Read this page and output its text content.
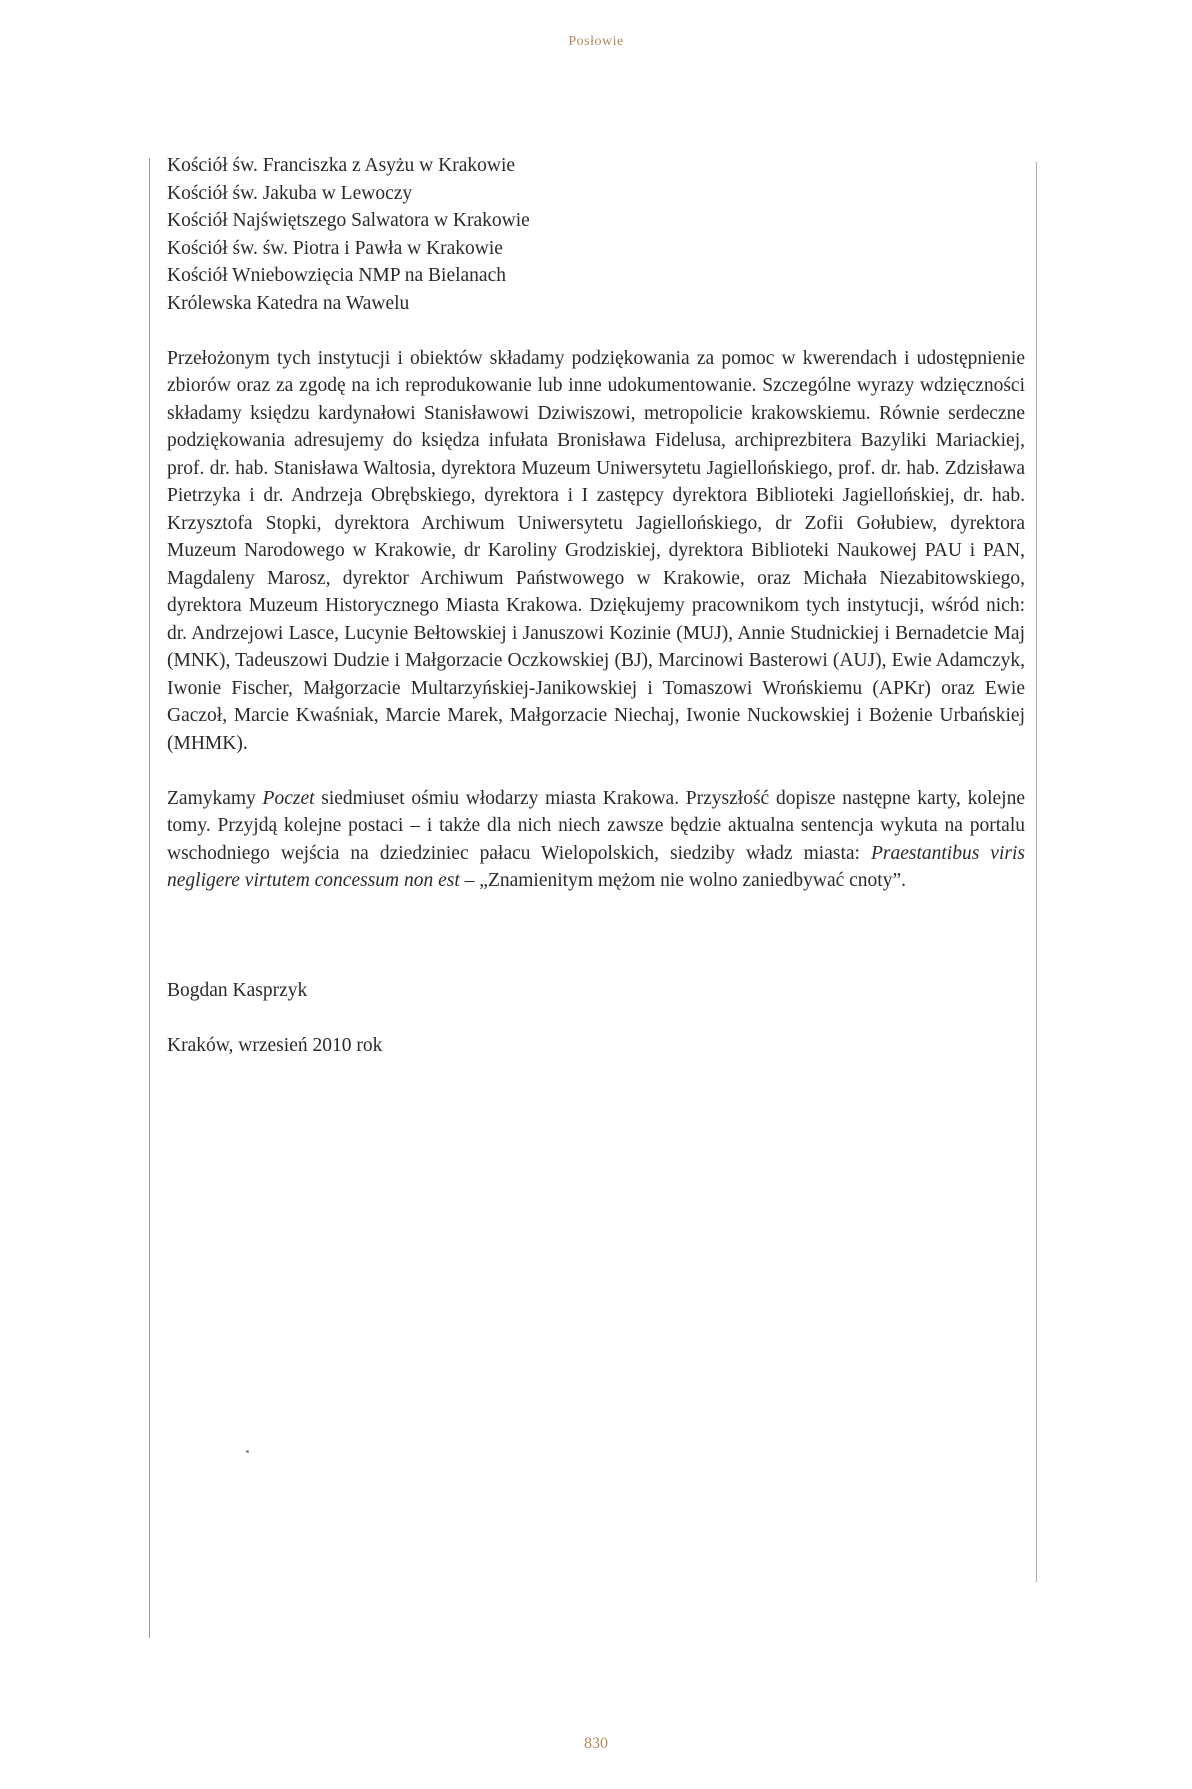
Posłowie
Kościół św. Franciszka z Asyżu w Krakowie
Kościół św. Jakuba w Lewoczy
Kościół Najświętszego Salwatora w Krakowie
Kościół św. św. Piotra i Pawła w Krakowie
Kościół Wniebowzięcia NMP na Bielanach
Królewska Katedra na Wawelu

Przełożonym tych instytucji i obiektów składamy podziękowania za pomoc w kwerendach i udostępnienie zbiorów oraz za zgodę na ich reprodukowanie lub inne udokumentowanie. Szczególne wyrazy wdzięczności składamy księdzu kardynałowi Stanisławowi Dziwiszowi, metropolicie krakowskiemu. Równie serdeczne podziękowania adresujemy do księdza infułata Bronisława Fidelusa, archiprezbitera Bazyliki Mariackiej, prof. dr. hab. Stanisława Waltosia, dyrektora Muzeum Uniwersytetu Jagiellońskiego, prof. dr. hab. Zdzisława Pietrzyka i dr. Andrzeja Obrębskiego, dyrektora i I zastępcy dyrektora Biblioteki Jagiellońskiej, dr. hab. Krzysztofa Stopki, dyrektora Archiwum Uniwersytetu Jagiellońskiego, dr Zofii Gołubiew, dyrektora Muzeum Narodowego w Krakowie, dr Karoliny Grodziskiej, dyrektora Biblioteki Naukowej PAU i PAN, Magdaleny Marosz, dyrektor Archiwum Państwowego w Krakowie, oraz Michała Niezabitowskiego, dyrektora Muzeum Historycznego Miasta Krakowa. Dziękujemy pracownikom tych instytucji, wśród nich: dr. Andrzejowi Lasce, Lucynie Bełtowskiej i Januszowi Kozinie (MUJ), Annie Studnickiej i Bernadetcie Maj (MNK), Tadeuszowi Dudzie i Małgorzacie Oczkowskiej (BJ), Marcinowi Basterowi (AUJ), Ewie Adamczyk, Iwonie Fischer, Małgorzacie Multarzyńskiej-Janikowskiej i Tomaszowi Wrońskiemu (APKr) oraz Ewie Gaczoł, Marcie Kwaśniak, Marcie Marek, Małgorzacie Niechaj, Iwonie Nuckowskiej i Bożenie Urbańskiej (MHMK).

Zamykamy Poczet siedmiuset ośmiu włodarzy miasta Krakowa. Przyszłość dopisze następne karty, kolejne tomy. Przyjdą kolejne postaci – i także dla nich niech zawsze będzie aktualna sentencja wykuta na portalu wschodniego wejścia na dziedziniec pałacu Wielopolskich, siedziby władz miasta: Praestantibus viris negligere virtutem concessum non est – „Znamienitym mężom nie wolno zaniedbywać cnoty”.

Bogdan Kasprzyk

Kraków, wrzesień 2010 rok

830
